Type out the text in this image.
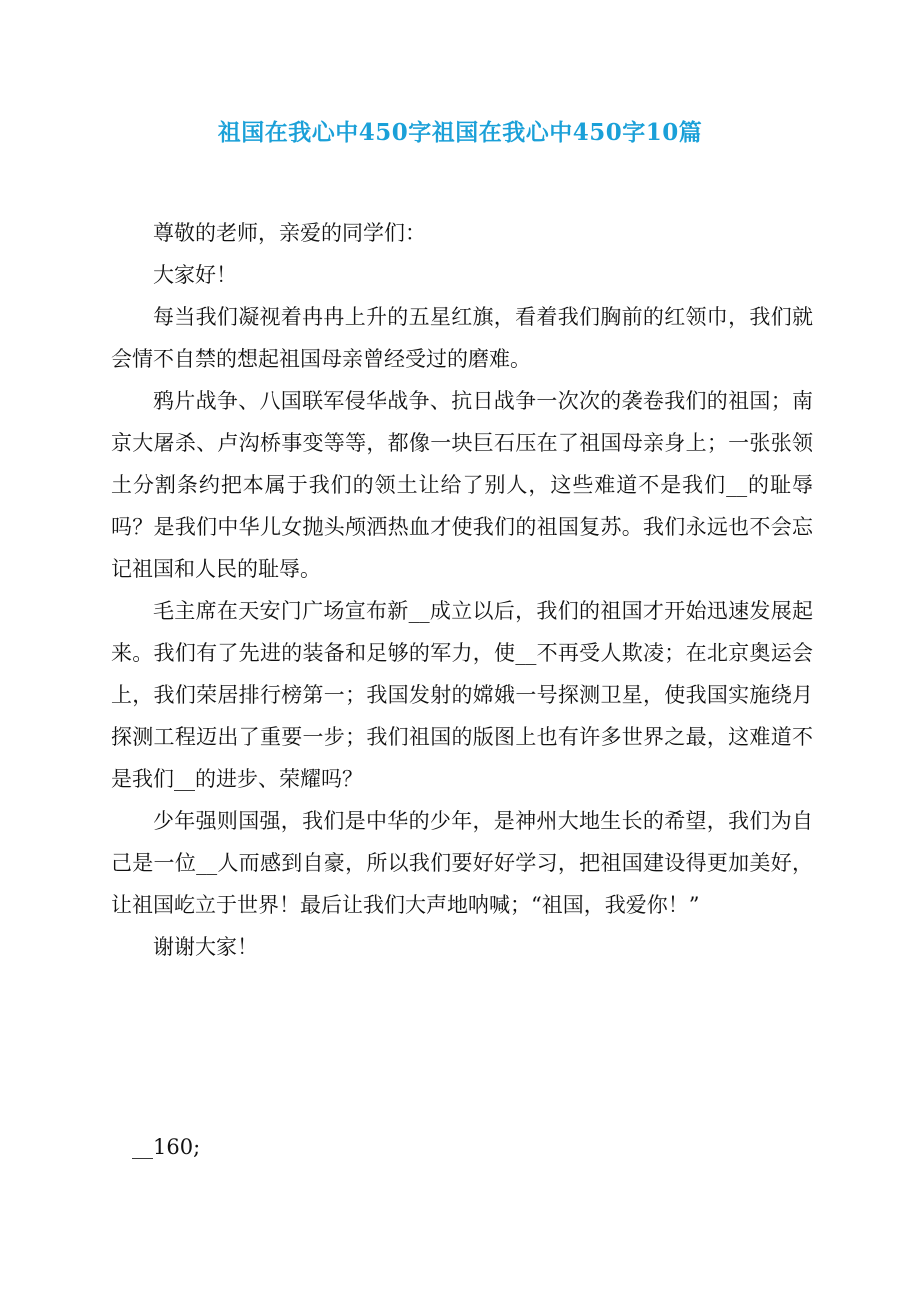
祖国在我心中450字祖国在我心中450字10篇

尊敬的老师，亲爱的同学们：

大家好！

每当我们凝视着冉冉上升的五星红旗，看着我们胸前的红领巾，我们就会情不自禁的想起祖国母亲曾经受过的磨难。

鸦片战争、八国联军侵华战争、抗日战争一次次的袭卷我们的祖国；南京大屠杀、卢沟桥事变等等，都像一块巨石压在了祖国母亲身上；一张张领土分割条约把本属于我们的领土让给了别人，这些难道不是我们__的耻辱吗？是我们中华儿女抛头颅洒热血才使我们的祖国复苏。我们永远也不会忘记祖国和人民的耻辱。

毛主席在天安门广场宣布新__成立以后，我们的祖国才开始迅速发展起来。我们有了先进的装备和足够的军力，使__不再受人欺凌；在北京奥运会上，我们荣居排行榜第一；我国发射的嫦娥一号探测卫星，使我国实施绕月探测工程迈出了重要一步；我们祖国的版图上也有许多世界之最，这难道不是我们__的进步、荣耀吗？

少年强则国强，我们是中华的少年，是神州大地生长的希望，我们为自己是一位__人而感到自豪，所以我们要好好学习，把祖国建设得更加美好，让祖国屹立于世界！最后让我们大声地呐喊；“祖国，我爱你！”

谢谢大家！

__160;
